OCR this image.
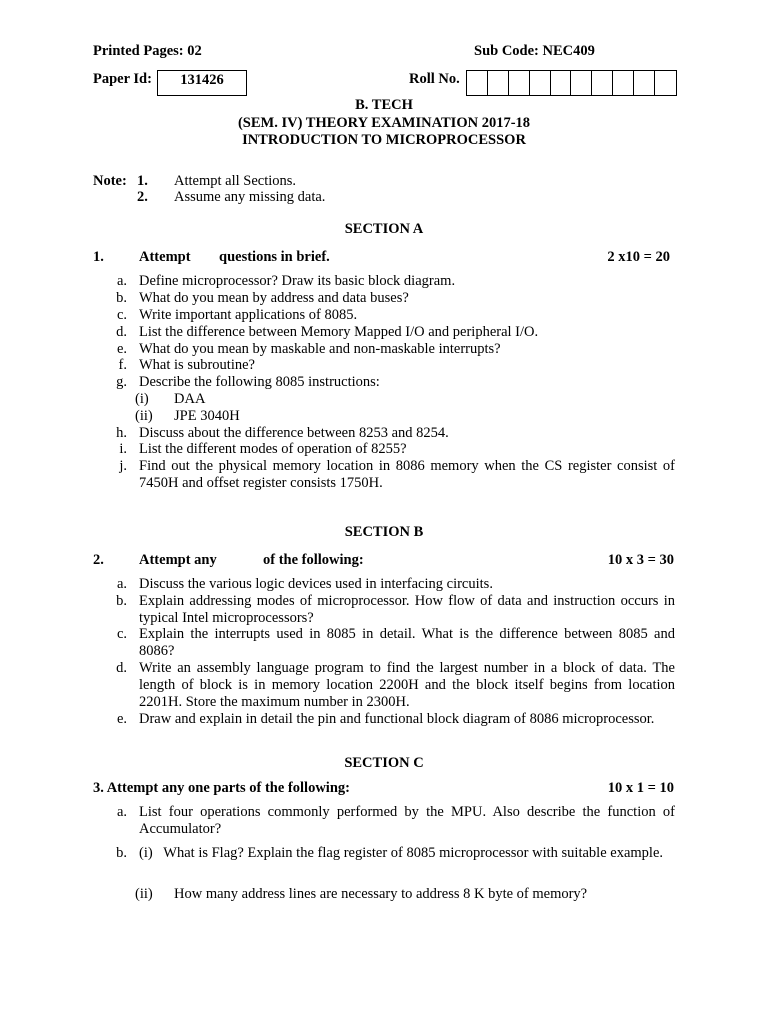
Printed Pages: 02	Sub Code: NEC409
Paper Id:	131426	Roll No.
B. TECH
(SEM. IV) THEORY EXAMINATION 2017-18
INTRODUCTION TO MICROPROCESSOR
Note: 1. Attempt all Sections.
2. Assume any missing data.
SECTION A
1. Attempt questions in brief.	2 x10 = 20
a. Define microprocessor? Draw its basic block diagram.
b. What do you mean by address and data buses?
c. Write important applications of 8085.
d. List the difference between Memory Mapped I/O and peripheral I/O.
e. What do you mean by maskable and non-maskable interrupts?
f. What is subroutine?
g. Describe the following 8085 instructions:
(i) DAA
(ii) JPE 3040H
h. Discuss about the difference between 8253 and 8254.
i. List the different modes of operation of 8255?
j. Find out the physical memory location in 8086 memory when the CS register consist of 7450H and offset register consists 1750H.
SECTION B
2. Attempt any	of the following:	10 x 3 = 30
a. Discuss the various logic devices used in interfacing circuits.
b. Explain addressing modes of microprocessor. How flow of data and instruction occurs in typical Intel microprocessors?
c. Explain the interrupts used in 8085 in detail. What is the difference between 8085 and 8086?
d. Write an assembly language program to find the largest number in a block of data. The length of block is in memory location 2200H and the block itself begins from location 2201H. Store the maximum number in 2300H.
e. Draw and explain in detail the pin and functional block diagram of 8086 microprocessor.
SECTION C
3. Attempt any one parts of the following:	10 x 1 = 10
a. List four operations commonly performed by the MPU. Also describe the function of Accumulator?
b. (i)   What is Flag? Explain the flag register of 8085 microprocessor with suitable example.
(ii) How many address lines are necessary to address 8 K byte of memory?
